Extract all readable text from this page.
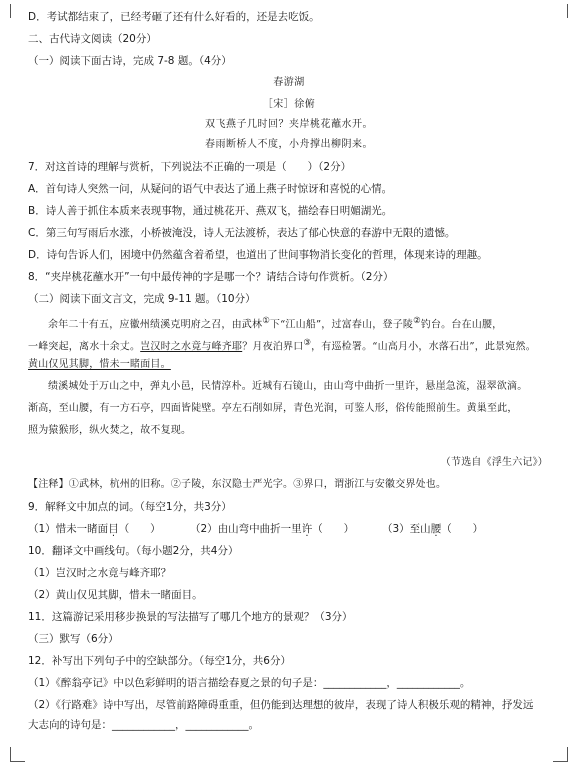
D．考试都结束了，已经考砸了还有什么好看的，还是去吃饭。
二、古代诗文阅读（20分）
（一）阅读下面古诗，完成 7-8 题。（4分）
春游湖
［宋］徐俯
双飞燕子几时回？夹岸桃花蘸水开。
春雨断桥人不度，小舟撑出柳阴来。
7．对这首诗的理解与赏析，下列说法不正确的一项是（　　）（2分）
A．首句诗人突然一问，从疑问的语气中表达了通上燕子时惊讶和喜悦的心情。
B．诗人善于抓住本质来表现事物，通过桃花开、燕双飞，描绘春日明媚湖光。
C．第三句写雨后水涨，小桥被淹没，诗人无法渡桥，表达了郁心快意的春游中无限的遗憾。
D．诗句告诉人们，困境中仍然蕴含着希望，也道出了世间事物消长变化的哲理，体现来诗的理趣。
8．“夹岸桃花蘸水开”一句中最传神的字是哪一个？请结合诗句作赏析。（2分）
（二）阅读下面文言文，完成 9-11 题。（10分）
余年二十有五，应徽州绩溪克明府之召，由武林①下“江山船”，过富春山，登子陵②钓台。台在山腰，
一峰突起，离水十余丈。岂汉时之水竟与峰齐耶？月夜泊界口③，有巡检署。“山高月小，水落石出”，此景宛然。
黄山仅见其脚，惜未一睹面目。
绩溪城处于万山之中，弹丸小邑，民情淳朴。近城有石镜山，由山弯中曲折一里许，悬崖急流，湿翠欲滴。
渐高，至山腰，有一方石亭，四面皆陡壁。亭左石削如屏，青色光润，可鉴人形，俗传能照前生。黄巢至此，
照为猿猴形，纵火焚之，故不复现。
（节选自《浮生六记》）
【注释】①武林，杭州的旧称。②子陵，东汉隐士严光字。③界口，谓浙江与安徽交界处也。
9．解释文中加点的词。（每空1分，共3分）
（1）惜未一睹面目（　　）	（2）由山弯中曲折一里许（　　）	（3）至山腰（　　）
10．翻译文中画线句。（每小题2分，共4分）
（1）岂汉时之水竟与峰齐耶？
（2）黄山仅见其脚，惜未一睹面目。
11．这篇游记采用移步换景的写法描写了哪几个地方的景观？（3分）
（三）默写（6分）
12．补写出下列句子中的空缺部分。（每空1分，共6分）
（1）《醉翁亭记》中以色彩鲜明的语言描绘春夏之景的句子是：____________，____________。
（2）《行路难》诗中写出，尽管前路障碍重重，但仍能到达理想的彼岸，表现了诗人积极乐观的精神，抒发远
大志向的诗句是：____________，____________。
